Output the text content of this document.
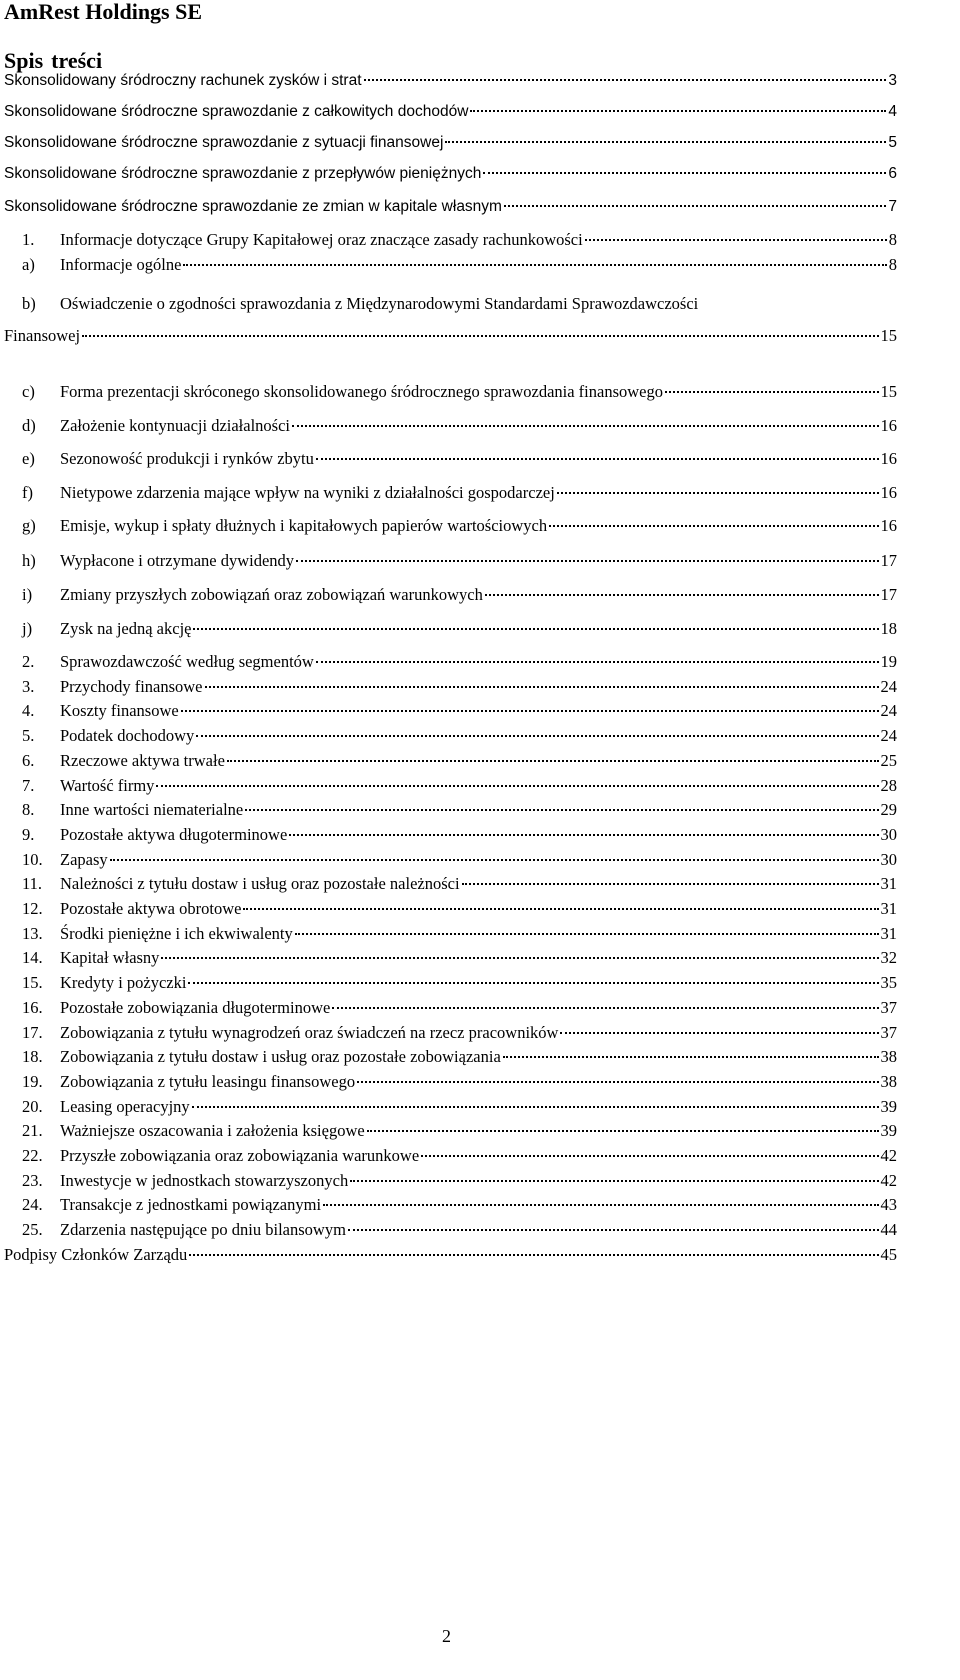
AmRest Holdings SE
Spis treści
Skonsolidowany śródroczny rachunek zysków i strat	3
Skonsolidowane śródroczne sprawozdanie z całkowitych dochodów	4
Skonsolidowane śródroczne sprawozdanie z sytuacji finansowej	5
Skonsolidowane śródroczne sprawozdanie z przepływów pieniężnych	6
Skonsolidowane śródroczne sprawozdanie ze zmian w kapitale własnym	7
1.	Informacje dotyczące Grupy Kapitałowej oraz znaczące zasady rachunkowości	8
a)	Informacje ogólne	8
b)	Oświadczenie o zgodności sprawozdania z Międzynarodowymi Standardami Sprawozdawczości
Finansowej	15
c)	Forma prezentacji skróconego skonsolidowanego śródrocznego sprawozdania finansowego	15
d)	Założenie kontynuacji działalności	16
e)	Sezonowość produkcji i rynków zbytu	16
f)	Nietypowe zdarzenia mające wpływ na wyniki z działalności gospodarczej	16
g)	Emisje, wykup i spłaty dłużnych i kapitałowych papierów wartościowych	16
h)	Wypłacone i otrzymane dywidendy	17
i)	Zmiany przyszłych zobowiązań oraz zobowiązań warunkowych	17
j)	Zysk na jedną akcję	18
2.	Sprawozdawczość według segmentów	19
3.	Przychody finansowe	24
4.	Koszty finansowe	24
5.	Podatek dochodowy	24
6.	Rzeczowe aktywa trwałe	25
7.	Wartość firmy	28
8.	Inne wartości niematerialne	29
9.	Pozostałe aktywa długoterminowe	30
10.	Zapasy	30
11.	Należności z tytułu dostaw i usług oraz pozostałe należności	31
12.	Pozostałe aktywa obrotowe	31
13.	Środki pieniężne i ich ekwiwalenty	31
14.	Kapitał własny	32
15.	Kredyty i pożyczki	35
16.	Pozostałe zobowiązania długoterminowe	37
17.	Zobowiązania z tytułu wynagrodzeń oraz świadczeń na rzecz pracowników	37
18.	Zobowiązania z tytułu dostaw i usług oraz pozostałe zobowiązania	38
19.	Zobowiązania z tytułu leasingu finansowego	38
20.	Leasing operacyjny	39
21.	Ważniejsze oszacowania i założenia księgowe	39
22.	Przyszłe zobowiązania oraz zobowiązania warunkowe	42
23.	Inwestycje w jednostkach stowarzyszonych	42
24.	Transakcje z jednostkami powiązanymi	43
25.	Zdarzenia następujące po dniu bilansowym	44
Podpisy Członków Zarządu	45
2
